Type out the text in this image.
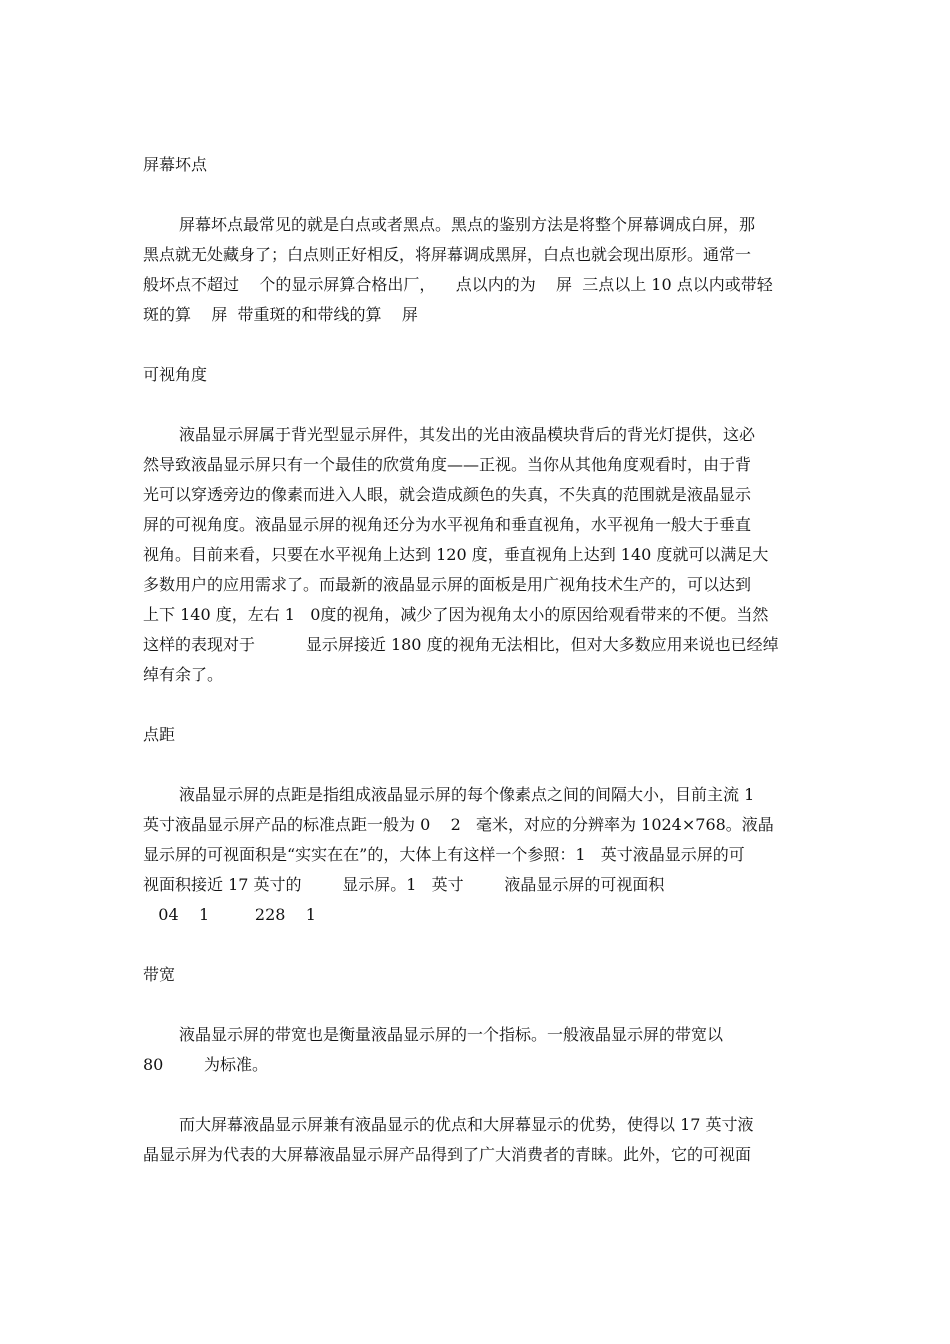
屏幕坏点
屏幕坏点最常见的就是白点或者黑点。黑点的鉴别方法是将整个屏幕调成白屏，那
黑点就无处藏身了；白点则正好相反，将屏幕调成黑屏，白点也就会现出原形。通常一
般坏点不超过    个的显示屏算合格出厂，    点以内的为    屏  三点以上 10 点以内或带轻
斑的算    屏  带重斑的和带线的算    屏
可视角度
液晶显示屏属于背光型显示屏件，其发出的光由液晶模块背后的背光灯提供，这必
然导致液晶显示屏只有一个最佳的欣赏角度——正视。当你从其他角度观看时，由于背
光可以穿透旁边的像素而进入人眼，就会造成颜色的失真，不失真的范围就是液晶显示
屏的可视角度。液晶显示屏的视角还分为水平视角和垂直视角，水平视角一般大于垂直
视角。目前来看，只要在水平视角上达到 120 度，垂直视角上达到 140 度就可以满足大
多数用户的应用需求了。而最新的液晶显示屏的面板是用广视角技术生产的，可以达到
上下 140 度，左右 1   0度的视角，减少了因为视角太小的原因给观看带来的不便。当然
这样的表现对于          显示屏接近 180 度的视角无法相比，但对大多数应用来说也已经绰
绰有余了。
点距
液晶显示屏的点距是指组成液晶显示屏的每个像素点之间的间隔大小，目前主流 1
英寸液晶显示屏产品的标准点距一般为 0    2   毫米，对应的分辨率为 1024×768。液晶
显示屏的可视面积是“实实在在”的，大体上有这样一个参照：1   英寸液晶显示屏的可
视面积接近 17 英寸的        显示屏。1   英寸        液晶显示屏的可视面积
04    1         228    1
带宽
液晶显示屏的带宽也是衡量液晶显示屏的一个指标。一般液晶显示屏的带宽以
80        为标准。
而大屏幕液晶显示屏兼有液晶显示的优点和大屏幕显示的优势，使得以 17 英寸液
晶显示屏为代表的大屏幕液晶显示屏产品得到了广大消费者的青睐。此外，它的可视面
